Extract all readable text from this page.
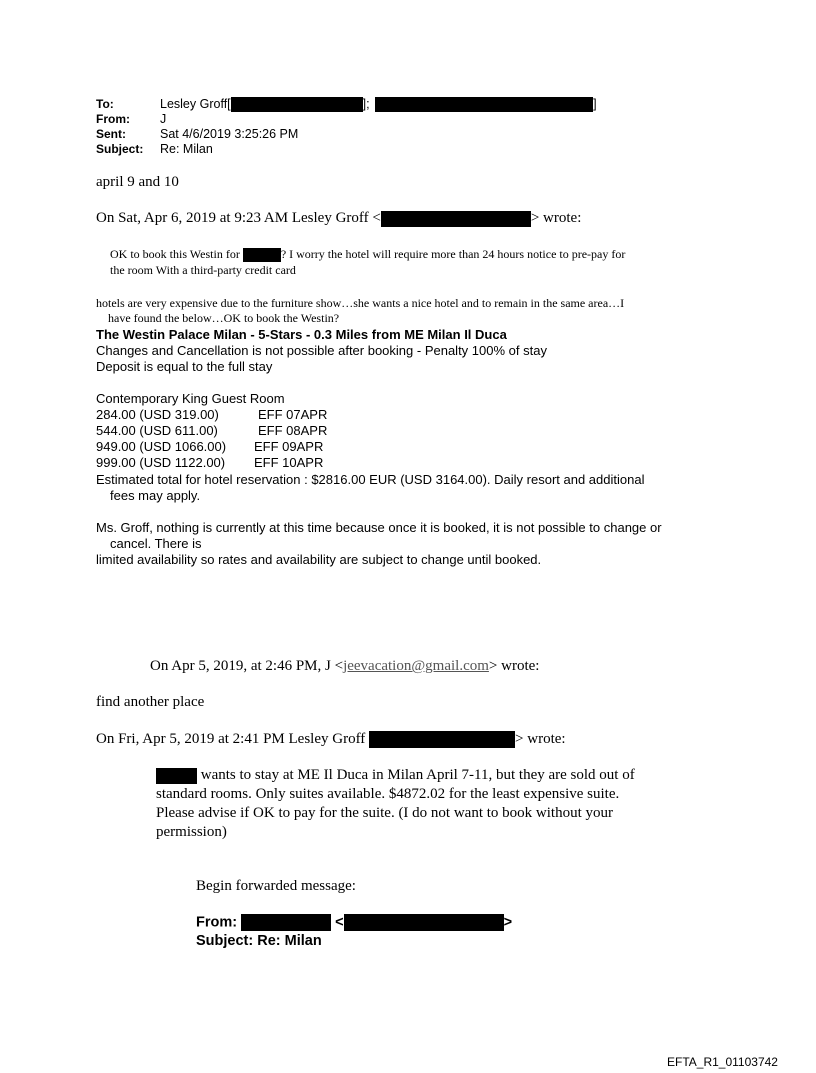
To:	Lesley Groff[	];	]
From: J
Sent:	Sat 4/6/2019 3:25:26 PM
Subject: Re: Milan
april 9 and 10
On Sat, Apr 6, 2019 at 9:23 AM Lesley Groff <	> wrote:
OK to book this Westin for	? I worry the hotel will require more than 24 hours notice to pre-pay for
the room With a third-party credit card
hotels are very expensive due to the furniture show…she wants a nice hotel and to remain in the same area…I
have found the below…OK to book the Westin?
The Westin Palace Milan - 5-Stars - 0.3 Miles from ME Milan Il Duca
Changes and Cancellation is not possible after booking - Penalty 100% of stay
Deposit is equal to the full stay
Contemporary King Guest Room
284.00 (USD 319.00)	EFF 07APR
544.00 (USD 611.00)	EFF 08APR
949.00 (USD 1066.00) EFF 09APR
999.00 (USD 1122.00) EFF 10APR
Estimated total for hotel reservation : $2816.00 EUR (USD 3164.00). Daily resort and additional
fees may apply.
Ms. Groff, nothing is currently at this time because once it is booked, it is not possible to change or
cancel. There is
limited availability so rates and availability are subject to change until booked.
On Apr 5, 2019, at 2:46 PM, J <jeevacation@gmail.com> wrote:
find another place
On Fri, Apr 5, 2019 at 2:41 PM Lesley Groff	> wrote:
wants to stay at ME Il Duca in Milan April 7-11, but they are sold out of
standard rooms. Only suites available. $4872.02 for the least expensive suite.
Please advise if OK to pay for the suite. (I do not want to book without your
permission)
Begin forwarded message:
From:	<	>
Subject: Re: Milan
EFTA_R1_01103742
